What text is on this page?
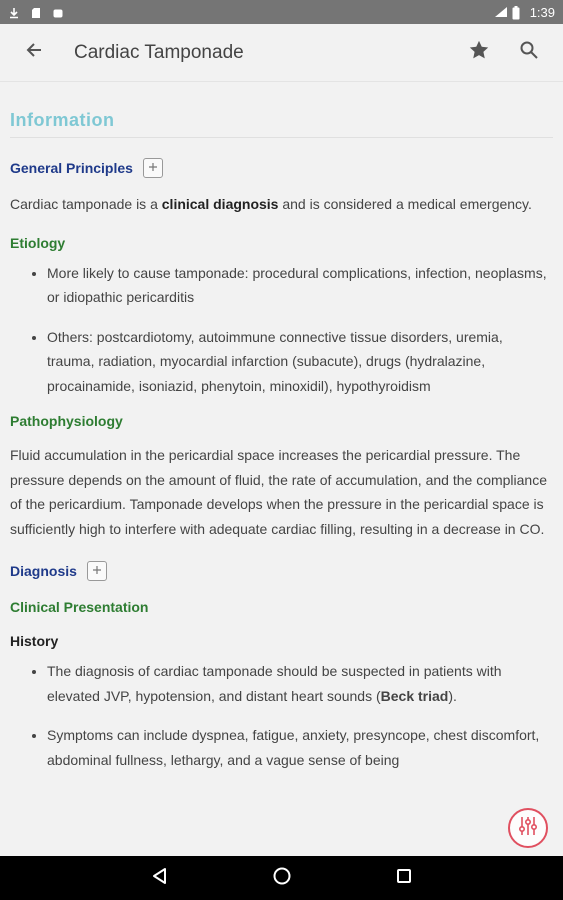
1:39
Cardiac Tamponade
Information
General Principles

Cardiac tamponade is a clinical diagnosis and is considered a medical emergency.

Etiology
• More likely to cause tamponade: procedural complications, infection, neoplasms, or idiopathic pericarditis
• Others: postcardiotomy, autoimmune connective tissue disorders, uremia, trauma, radiation, myocardial infarction (subacute), drugs (hydralazine, procainamide, isoniazid, phenytoin, minoxidil), hypothyroidism
Pathophysiology

Fluid accumulation in the pericardial space increases the pericardial pressure. The pressure depends on the amount of fluid, the rate of accumulation, and the compliance of the pericardium. Tamponade develops when the pressure in the pericardial space is sufficiently high to interfere with adequate cardiac filling, resulting in a decrease in CO.

Diagnosis
Clinical Presentation
History
• The diagnosis of cardiac tamponade should be suspected in patients with elevated JVP, hypotension, and distant heart sounds (Beck triad).
• Symptoms can include dyspnea, fatigue, anxiety, presyncope, chest discomfort, abdominal fullness, lethargy, and a vague sense of being
